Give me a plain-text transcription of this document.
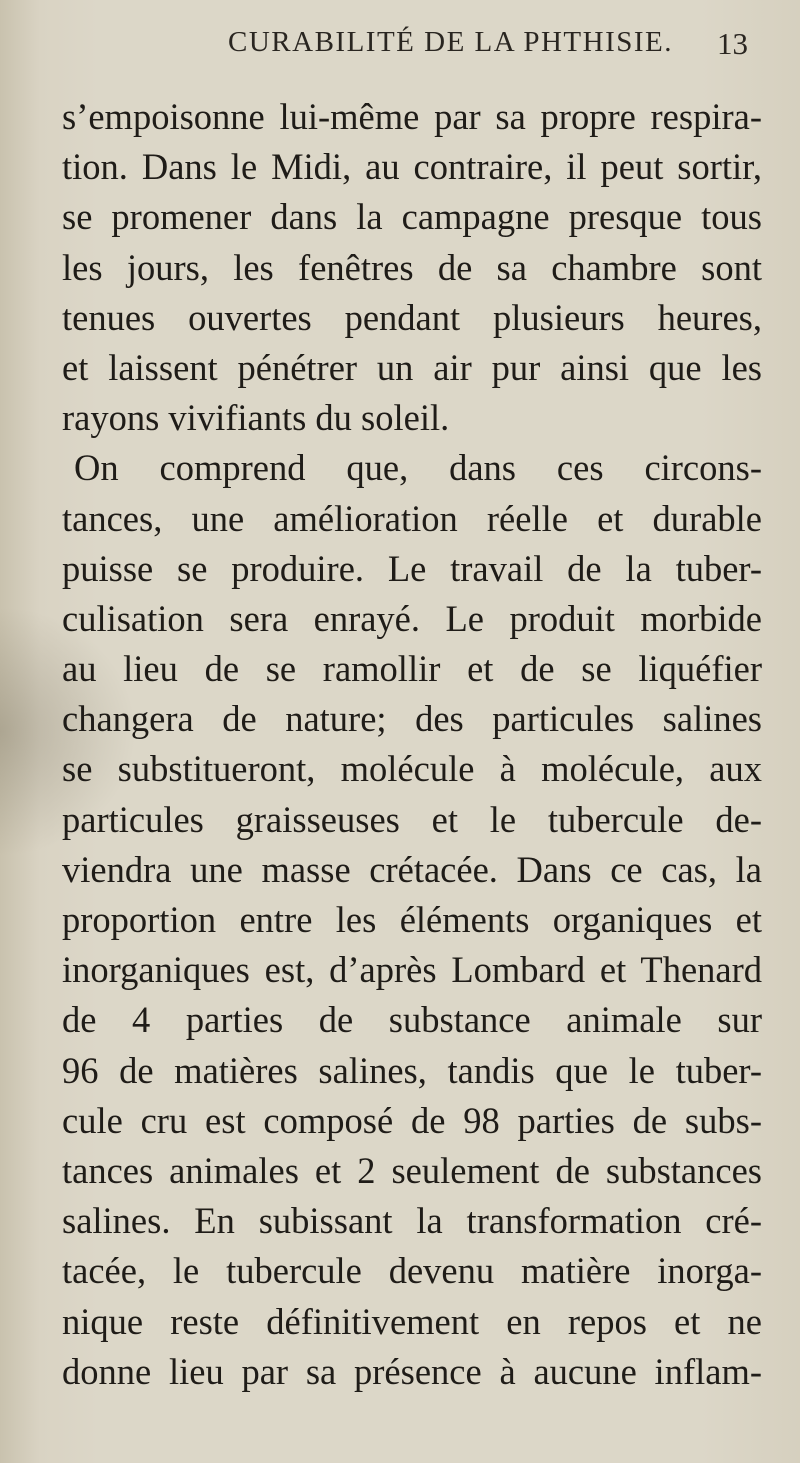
CURABILITÉ DE LA PHTHISIE. 13
s’empoisonne lui-même par sa propre respira-
tion. Dans le Midi, au contraire, il peut sortir,
se promener dans la campagne presque tous
les jours, les fenêtres de sa chambre sont
tenues ouvertes pendant plusieurs heures,
et laissent pénétrer un air pur ainsi que les
rayons vivifiants du soleil.
On comprend que, dans ces circons-
tances, une amélioration réelle et durable
puisse se produire. Le travail de la tuber-
culisation sera enrayé. Le produit morbide
au lieu de se ramollir et de se liquéfier
changera de nature; des particules salines
se substitueront, molécule à molécule, aux
particules graisseuses et le tubercule de-
viendra une masse crétacée. Dans ce cas, la
proportion entre les éléments organiques et
inorganiques est, d’après Lombard et Thenard
de 4 parties de substance animale sur
96 de matières salines, tandis que le tuber-
cule cru est composé de 98 parties de subs-
tances animales et 2 seulement de substances
salines. En subissant la transformation cré-
tacée, le tubercule devenu matière inorga-
nique reste définitivement en repos et ne
donne lieu par sa présence à aucune inflam-
